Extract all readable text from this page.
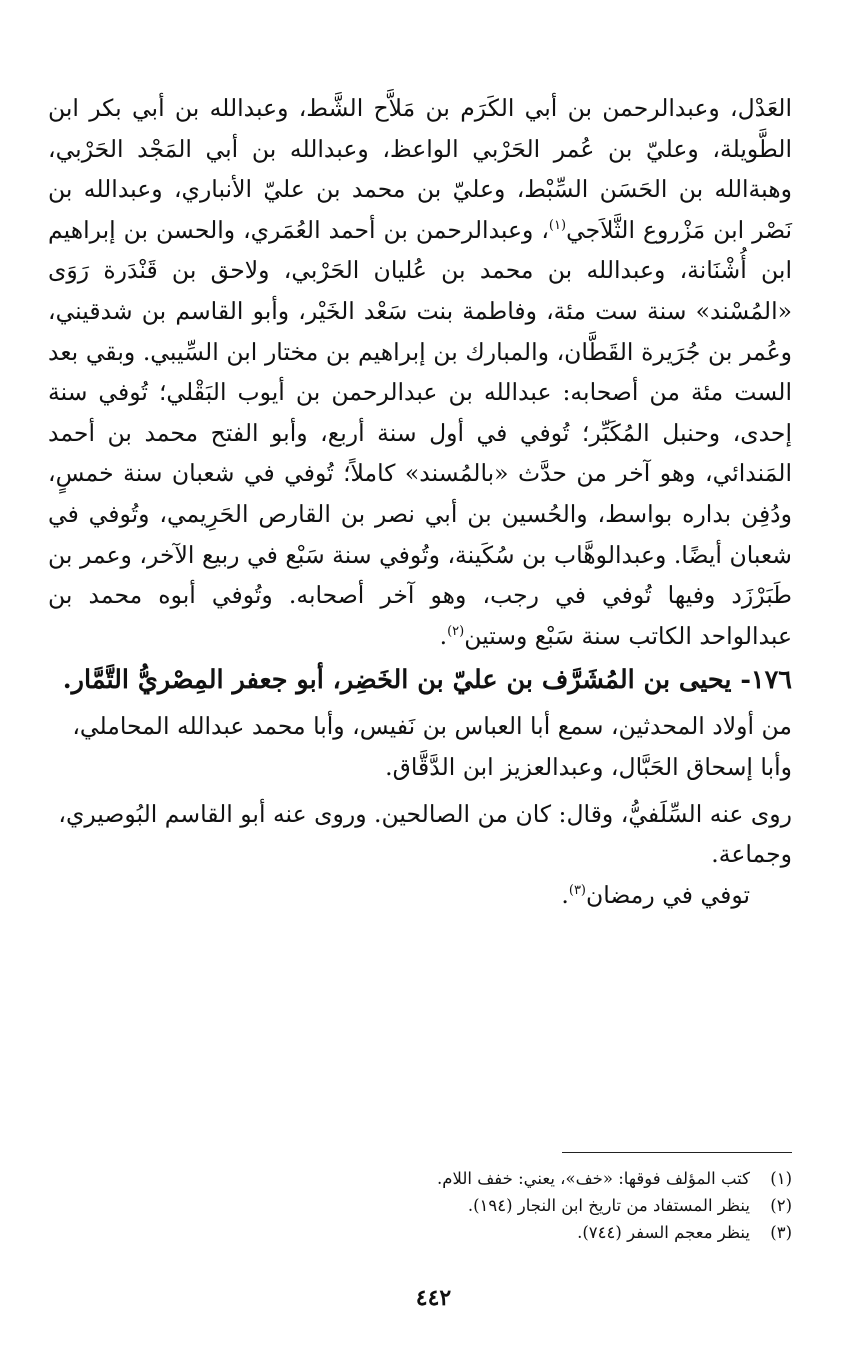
العَدْل، وعبدالرحمن بن أبي الكَرَم بن مَلاَّح الشَّط، وعبدالله بن أبي بكر ابن الطَّويلة، وعليّ بن عُمر الحَرْبي الواعظ، وعبدالله بن أبي المَجْد الحَرْبي، وهبةالله بن الحَسَن السِّبْط، وعليّ بن محمد بن عليّ الأنباري، وعبدالله بن نَصْر ابن مَزْروع الثَّلاَجي$^{(١)}$، وعبدالرحمن بن أحمد العُمَري، والحسن بن إبراهيم ابن أُشْنَانة، وعبدالله بن محمد بن عُليان الحَرْبي، ولاحق بن قَنْدَرة رَوَى «المُسْند» سنة ست مئة، وفاطمة بنت سَعْد الخَيْر، وأبو القاسم بن شدقيني، وعُمر بن جُرَيرة القَطَّان، والمبارك بن إبراهيم بن مختار ابن السِّيبي. وبقي بعد الست مئة من أصحابه: عبدالله بن عبدالرحمن بن أيوب البَقْلي؛ تُوفي سنة إحدى، وحنبل المُكَبِّر؛ تُوفي في أول سنة أربع، وأبو الفتح محمد بن أحمد المَندائي، وهو آخر من حدَّث «بالمُسند» كاملاً؛ تُوفي في شعبان سنة خمسٍ، ودُفِن بداره بواسط، والحُسين بن أبي نصر بن القارص الحَرِيمي، وتُوفي في شعبان أيضًا. وعبدالوهَّاب بن سُكَينة، وتُوفي سنة سَبْع في ربيع الآخر، وعمر بن طَبَرْزَد وفيها تُوفي في رجب، وهو آخر أصحابه. وتُوفي أبوه محمد بن عبدالواحد الكاتب سنة سَبْع وستين$^{(٢)}$.

١٧٦- يحيى بن المُشَرَّف بن عليّ بن الخَضِر، أبو جعفر المِصْريُّ التَّمَّار.

من أولاد المحدثين، سمع أبا العباس بن نَفيس، وأبا محمد عبدالله المحاملي، وأبا إسحاق الحَبَّال، وعبدالعزيز ابن الدَّقَّاق.

روى عنه السِّلَفيُّ، وقال: كان من الصالحين. وروى عنه أبو القاسم البُوصيري، وجماعة.

توفي في رمضان$^{(٣)}$.

(١)
كتب المؤلف فوقها: «خف»، يعني: خفف اللام.
(٢)
ينظر المستفاد من تاريخ ابن النجار (١٩٤).
(٣)
ينظر معجم السفر (٧٤٤).
٤٤٢
